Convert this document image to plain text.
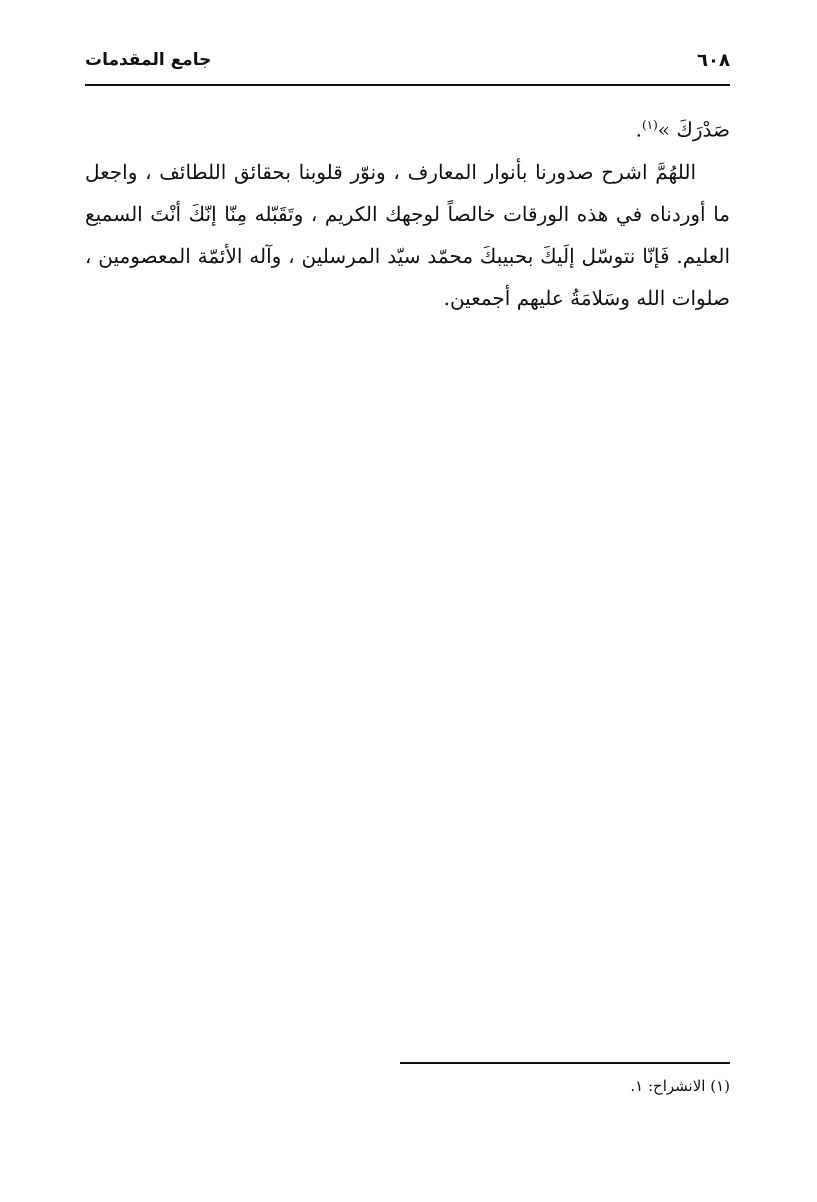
٦٠٨
جامع المقدمات

صَدْرَكَ »$^{(١)}$.

اللهُمَّ اشرح صدورنا بأنوار المعارف ، ونوّر قلوبنا بحقائق اللطائف ، واجعل ما أوردناه في هذه الورقات خالصاً لوجهك الكريم ، وتَقَبّله مِنّا إنّكَ أنْتَ السميع العليم. فَإنّا نتوسّل إلَيكَ بحبيبكَ محمّد سيّد المرسلين ، وآله الأئمّة المعصومين ، صلوات الله وسَلامَةُ عليهم أجمعين.

(١) الانشراح: ١.
